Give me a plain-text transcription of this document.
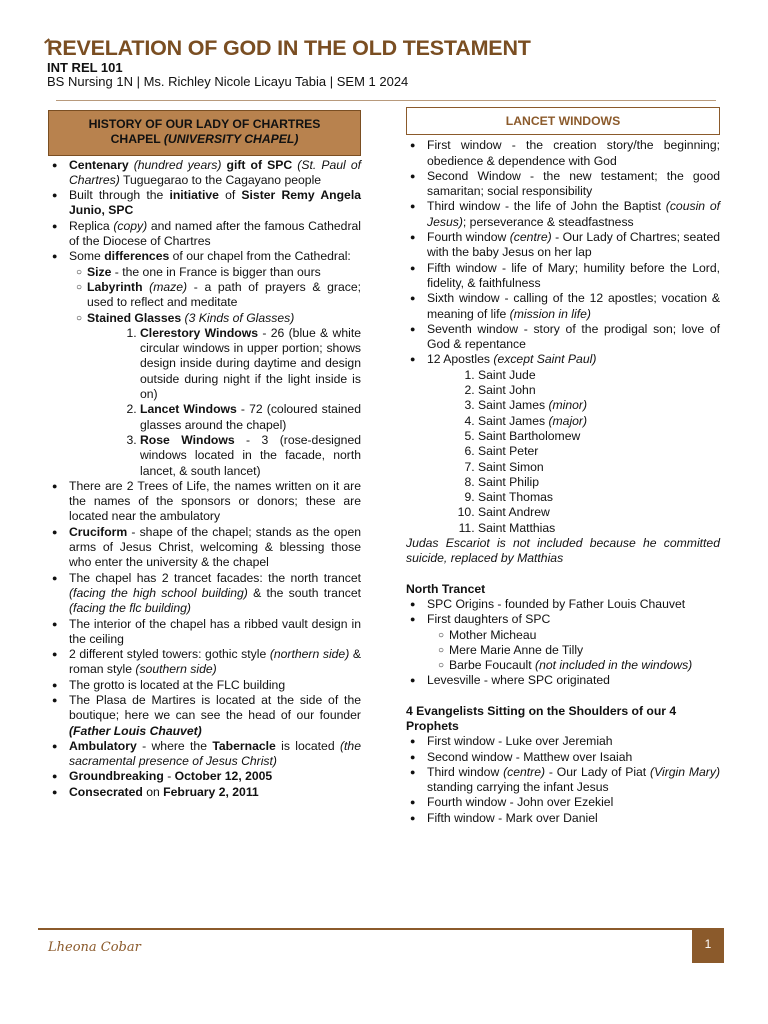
REVELATION OF GOD IN THE OLD TESTAMENT
INT REL 101
BS Nursing 1N | Ms. Richley Nicole Licayu Tabia | SEM 1 2024
HISTORY OF OUR LADY OF CHARTRES CHAPEL (UNIVERSITY CHAPEL)
● Centenary (hundred years) gift of SPC (St. Paul of Chartres) Tuguegarao to the Cagayano people
● Built through the initiative of Sister Remy Angela Junio, SPC
● Replica (copy) and named after the famous Cathedral of the Diocese of Chartres
● Some differences of our chapel from the Cathedral:
○ Size - the one in France is bigger than ours
○ Labyrinth (maze) - a path of prayers & grace; used to reflect and meditate
○ Stained Glasses (3 Kinds of Glasses)
1. Clerestory Windows - 26 (blue & white circular windows in upper portion; shows design inside during daytime and design outside during night if the light inside is on)
2. Lancet Windows - 72 (coloured stained glasses around the chapel)
3. Rose Windows - 3 (rose-designed windows located in the facade, north lancet, & south lancet)
● There are 2 Trees of Life, the names written on it are the names of the sponsors or donors; these are located near the ambulatory
● Cruciform - shape of the chapel; stands as the open arms of Jesus Christ, welcoming & blessing those who enter the university & the chapel
● The chapel has 2 trancet facades: the north trancet (facing the high school building) & the south trancet (facing the flc building)
● The interior of the chapel has a ribbed vault design in the ceiling
● 2 different styled towers: gothic style (northern side) & roman style (southern side)
● The grotto is located at the FLC building
● The Plasa de Martires is located at the side of the boutique; here we can see the head of our founder (Father Louis Chauvet)
● Ambulatory - where the Tabernacle is located (the sacramental presence of Jesus Christ)
● Groundbreaking - October 12, 2005
● Consecrated on February 2, 2011
LANCET WINDOWS
● First window - the creation story/the beginning; obedience & dependence with God
● Second Window - the new testament; the good samaritan; social responsibility
● Third window - the life of John the Baptist (cousin of Jesus); perseverance & steadfastness
● Fourth window (centre) - Our Lady of Chartres; seated with the baby Jesus on her lap
● Fifth window - life of Mary; humility before the Lord, fidelity, & faithfulness
● Sixth window - calling of the 12 apostles; vocation & meaning of life (mission in life)
● Seventh window - story of the prodigal son; love of God & repentance
● 12 Apostles (except Saint Paul)
1. Saint Jude
2. Saint John
3. Saint James (minor)
4. Saint James (major)
5. Saint Bartholomew
6. Saint Peter
7. Saint Simon
8. Saint Philip
9. Saint Thomas
10. Saint Andrew
11. Saint Matthias
Judas Escariot is not included because he committed suicide, replaced by Matthias
North Trancet
● SPC Origins - founded by Father Louis Chauvet
● First daughters of SPC
○ Mother Micheau
○ Mere Marie Anne de Tilly
○ Barbe Foucault (not included in the windows)
● Levesville - where SPC originated
4 Evangelists Sitting on the Shoulders of our 4 Prophets
● First window - Luke over Jeremiah
● Second window - Matthew over Isaiah
● Third window (centre) - Our Lady of Piat (Virgin Mary) standing carrying the infant Jesus
● Fourth window - John over Ezekiel
● Fifth window - Mark over Daniel
Lheona Cobar	1
